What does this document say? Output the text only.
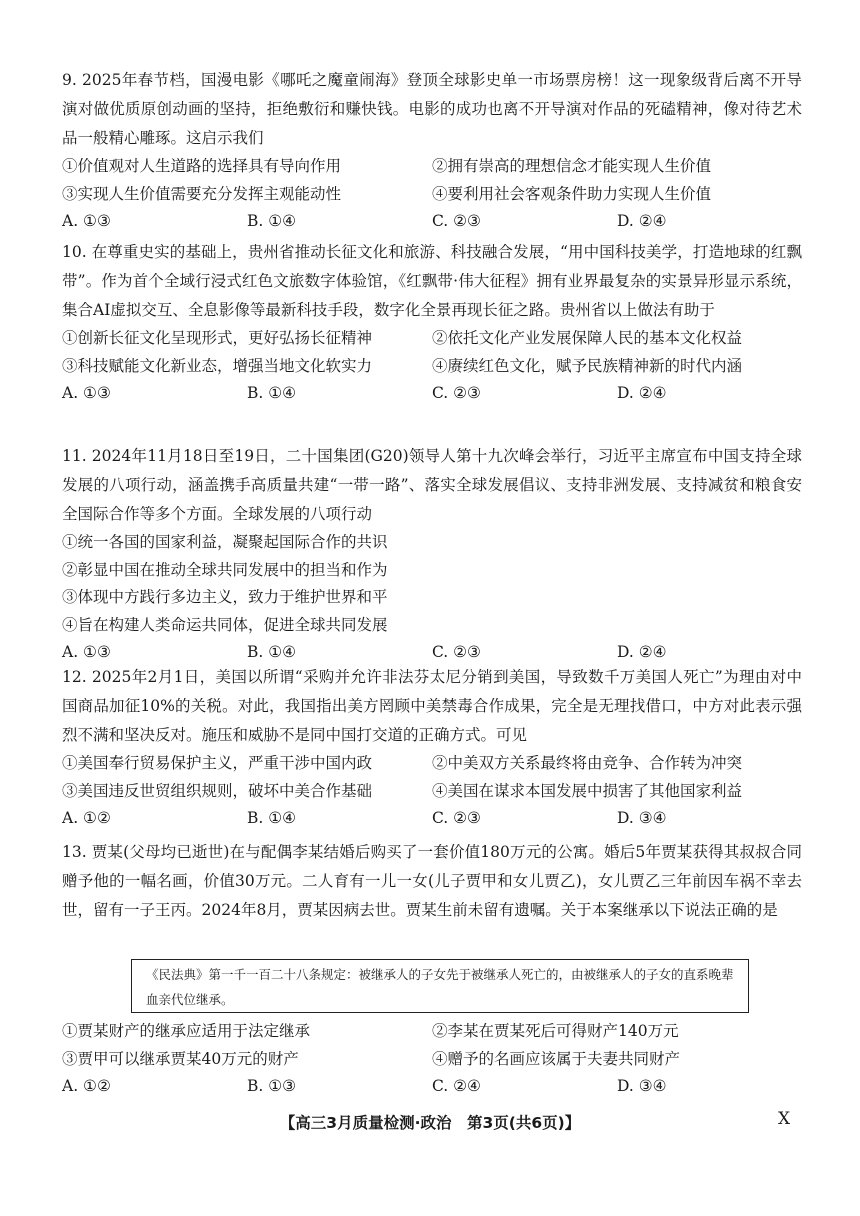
9. 2025年春节档，国漫电影《哪吒之魔童闹海》登顶全球影史单一市场票房榜！这一现象级背后离不开导演对做优质原创动画的坚持，拒绝敷衍和赚快钱。电影的成功也离不开导演对作品的死磕精神，像对待艺术品一般精心雕琢。这启示我们

①价值观对人生道路的选择具有导向作用	②拥有崇高的理想信念才能实现人生价值
③实现人生价值需要充分发挥主观能动性	④要利用社会客观条件助力实现人生价值
A. ①③	B. ①④	C. ②③	D. ②④

10. 在尊重史实的基础上，贵州省推动长征文化和旅游、科技融合发展，“用中国科技美学，打造地球的红飘带”。作为首个全域行浸式红色文旅数字体验馆，《红飘带·伟大征程》拥有业界最复杂的实景异形显示系统，集合AI虚拟交互、全息影像等最新科技手段，数字化全景再现长征之路。贵州省以上做法有助于

①创新长征文化呈现形式，更好弘扬长征精神	②依托文化产业发展保障人民的基本文化权益
③科技赋能文化新业态，增强当地文化软实力	④赓续红色文化，赋予民族精神新的时代内涵
A. ①③	B. ①④	C. ②③	D. ②④

11. 2024年11月18日至19日，二十国集团(G20)领导人第十九次峰会举行，习近平主席宣布中国支持全球发展的八项行动，涵盖携手高质量共建“一带一路”、落实全球发展倡议、支持非洲发展、支持减贫和粮食安全国际合作等多个方面。全球发展的八项行动

①统一各国的国家利益，凝聚起国际合作的共识

②彰显中国在推动全球共同发展中的担当和作为

③体现中方践行多边主义，致力于维护世界和平

④旨在构建人类命运共同体，促进全球共同发展

A. ①③	B. ①④	C. ②③	D. ②④

12. 2025年2月1日，美国以所谓“采购并允许非法芬太尼分销到美国，导致数千万美国人死亡”为理由对中国商品加征10%的关税。对此，我国指出美方罔顾中美禁毒合作成果，完全是无理找借口，中方对此表示强烈不满和坚决反对。施压和威胁不是同中国打交道的正确方式。可见

①美国奉行贸易保护主义，严重干涉中国内政	②中美双方关系最终将由竞争、合作转为冲突
③美国违反世贸组织规则，破坏中美合作基础	④美国在谋求本国发展中损害了其他国家利益
A. ①②	B. ①④	C. ②③	D. ③④

13. 贾某(父母均已逝世)在与配偶李某结婚后购买了一套价值180万元的公寓。婚后5年贾某获得其叔叔合同赠予他的一幅名画，价值30万元。二人育有一儿一女(儿子贾甲和女儿贾乙)，女儿贾乙三年前因车祸不幸去世，留有一子王丙。2024年8月，贾某因病去世。贾某生前未留有遗嘱。关于本案继承以下说法正确的是

《民法典》第一千一百二十八条规定：被继承人的子女先于被继承人死亡的，由被继承人的子女的直系晚辈血亲代位继承。
①贾某财产的继承应适用于法定继承	②李某在贾某死后可得财产140万元
③贾甲可以继承贾某40万元的财产	④赠予的名画应该属于夫妻共同财产
A. ①②	B. ①③	C. ②④	D. ③④
【高三3月质量检测·政治　第3页(共6页)】	X
